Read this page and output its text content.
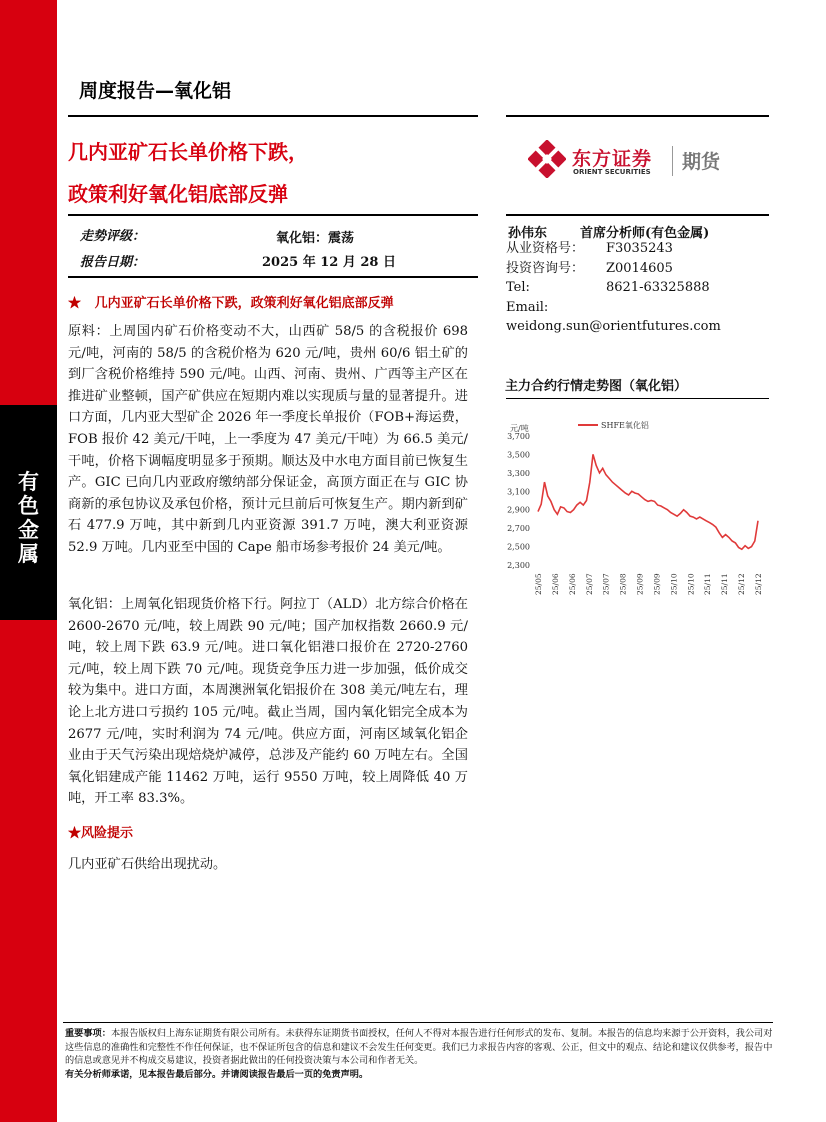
有
色
金
属
周度报告—氧化铝
几内亚矿石长单价格下跌，
政策利好氧化铝底部反弹
东方证券
ORIENT SECURITIES 期货
走势评级：	氧化铝：震荡
报告日期：	2025 年 12 月 28 日
孙伟东	首席分析师(有色金属)
从业资格号： F3035243
投资咨询号： Z0014605
Tel:	8621-63325888
Email:weidong.sun@orientfutures.com
★ 几内亚矿石长单价格下跌，政策利好氧化铝底部反弹
原料：上周国内矿石价格变动不大，山西矿 58/5 的含税报价 698 元/吨，河南的 58/5 的含税价格为 620 元/吨，贵州 60/6 铝土矿的到厂含税价格维持 590 元/吨。山西、河南、贵州、广西等主产区在推进矿业整顿，国产矿供应在短期内难以实现质与量的显著提升。进口方面，几内亚大型矿企 2026 年一季度长单报价（FOB+海运费，FOB 报价 42 美元/干吨，上一季度为 47 美元/干吨）为 66.5 美元/干吨，价格下调幅度明显多于预期。顺达及中水电方面目前已恢复生产。GIC 已向几内亚政府缴纳部分保证金，高顶方面正在与 GIC 协商新的承包协议及承包价格，预计元旦前后可恢复生产。期内新到矿石 477.9 万吨，其中新到几内亚资源 391.7 万吨，澳大利亚资源 52.9 万吨。几内亚至中国的 Cape 船市场参考报价 24 美元/吨。
氧化铝：上周氧化铝现货价格下行。阿拉丁（ALD）北方综合价格在 2600-2670 元/吨，较上周跌 90 元/吨；国产加权指数 2660.9 元/吨，较上周下跌 63.9 元/吨。进口氧化铝港口报价在 2720-2760 元/吨，较上周下跌 70 元/吨。现货竞争压力进一步加强，低价成交较为集中。进口方面，本周澳洲氧化铝报价在 308 美元/吨左右，理论上北方进口亏损约 105 元/吨。截止当周，国内氧化铝完全成本为 2677 元/吨，实时利润为 74 元/吨。供应方面，河南区域氧化铝企业由于天气污染出现焙烧炉减停，总涉及产能约 60 万吨左右。全国氧化铝建成产能 11462 万吨，运行 9550 万吨，较上周降低 40 万吨，开工率 83.3%。
★风险提示
几内亚矿石供给出现扰动。
主力合约行情走势图（氧化铝）
元/吨	SHFE氧化铝
3,700
3,500
3,300
3,100
2,900
2,700
2,500
2,300
25/05 25/06 25/06 25/07 25/07 25/08 25/09 25/09 25/10 25/10 25/11 25/11 25/12 25/12
重要事项：本报告版权归上海东证期货有限公司所有。未获得东证期货书面授权，任何人不得对本报告进行任何形式的发布、复制。本报告的信息均来源于公开资料，我公司对这些信息的准确性和完整性不作任何保证，也不保证所包含的信息和建议不会发生任何变更。我们已力求报告内容的客观、公正，但文中的观点、结论和建议仅供参考，报告中的信息或意见并不构成交易建议，投资者据此做出的任何投资决策与本公司和作者无关。
有关分析师承诺，见本报告最后部分。并请阅读报告最后一页的免责声明。
